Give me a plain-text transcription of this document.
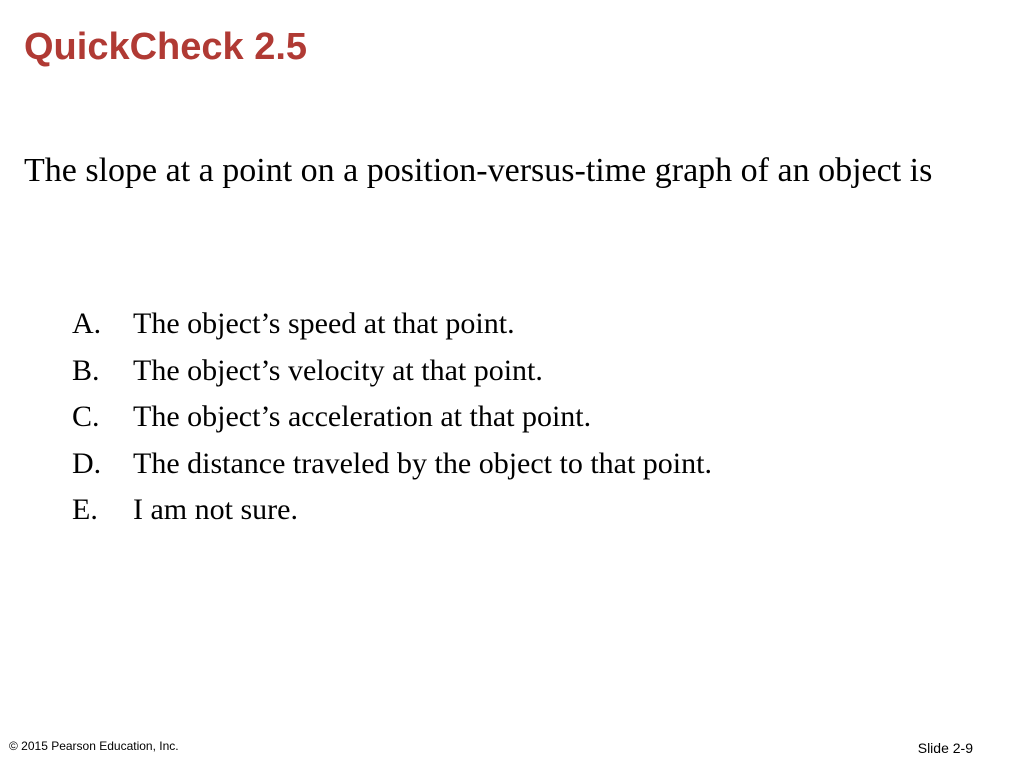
QuickCheck 2.5

The slope at a point on a position-versus-time graph of an object is

A.	The object’s speed at that point.
B.	The object’s velocity at that point.
C.	The object’s acceleration at that point.
D.	The distance traveled by the object to that point.
E.	I am not sure.
© 2015 Pearson Education, Inc.	Slide 2-9
